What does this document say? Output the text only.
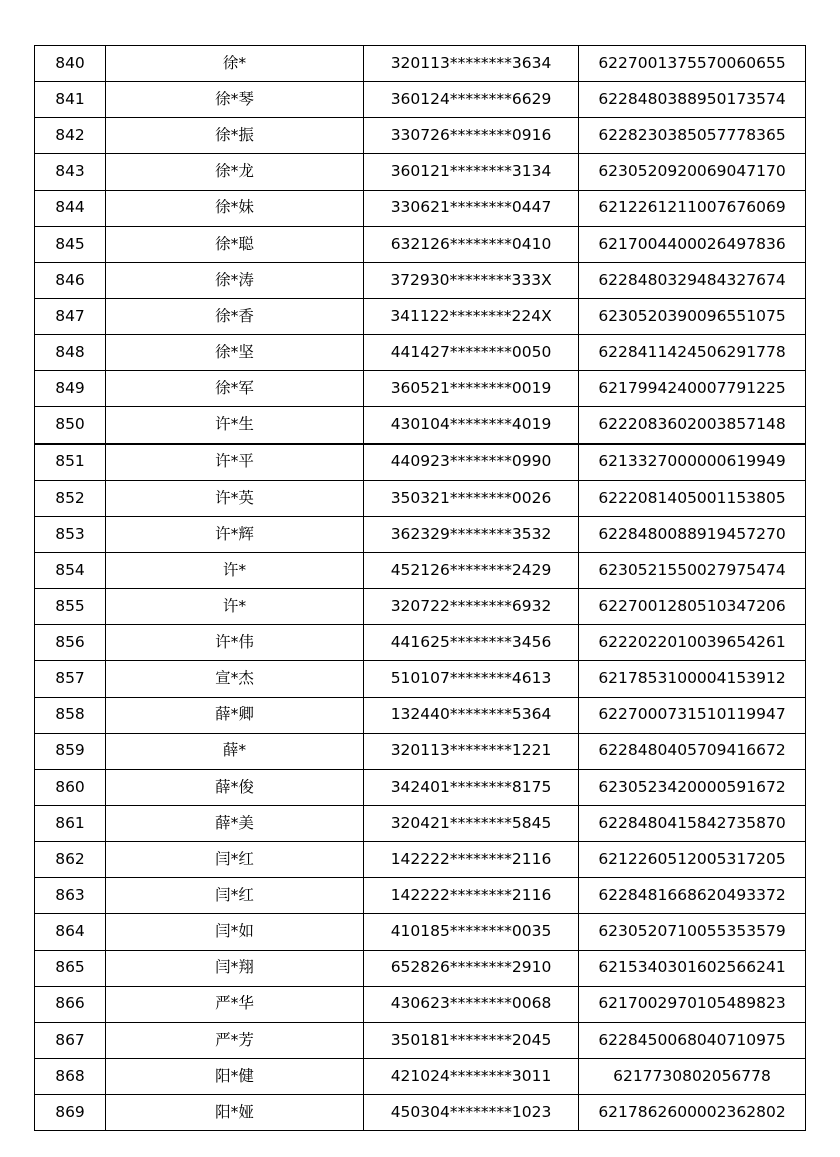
840	徐*	320113********3634	6227001375570060655
841	徐*琴	360124********6629	6228480388950173574
842	徐*振	330726********0916	6228230385057778365
843	徐*龙	360121********3134	6230520920069047170
844	徐*妹	330621********0447	6212261211007676069
845	徐*聪	632126********0410	6217004400026497836
846	徐*涛	372930********333X	6228480329484327674
847	徐*香	341122********224X	6230520390096551075
848	徐*坚	441427********0050	6228411424506291778
849	徐*军	360521********0019	6217994240007791225
850	许*生	430104********4019	6222083602003857148
851	许*平	440923********0990	6213327000000619949
852	许*英	350321********0026	6222081405001153805
853	许*辉	362329********3532	6228480088919457270
854	许*	452126********2429	6230521550027975474
855	许*	320722********6932	6227001280510347206
856	许*伟	441625********3456	6222022010039654261
857	宣*杰	510107********4613	6217853100004153912
858	薛*卿	132440********5364	6227000731510119947
859	薛*	320113********1221	6228480405709416672
860	薛*俊	342401********8175	6230523420000591672
861	薛*美	320421********5845	6228480415842735870
862	闫*红	142222********2116	6212260512005317205
863	闫*红	142222********2116	6228481668620493372
864	闫*如	410185********0035	6230520710055353579
865	闫*翔	652826********2910	6215340301602566241
866	严*华	430623********0068	6217002970105489823
867	严*芳	350181********2045	6228450068040710975
868	阳*健	421024********3011	6217730802056778
869	阳*娅	450304********1023	6217862600002362802
